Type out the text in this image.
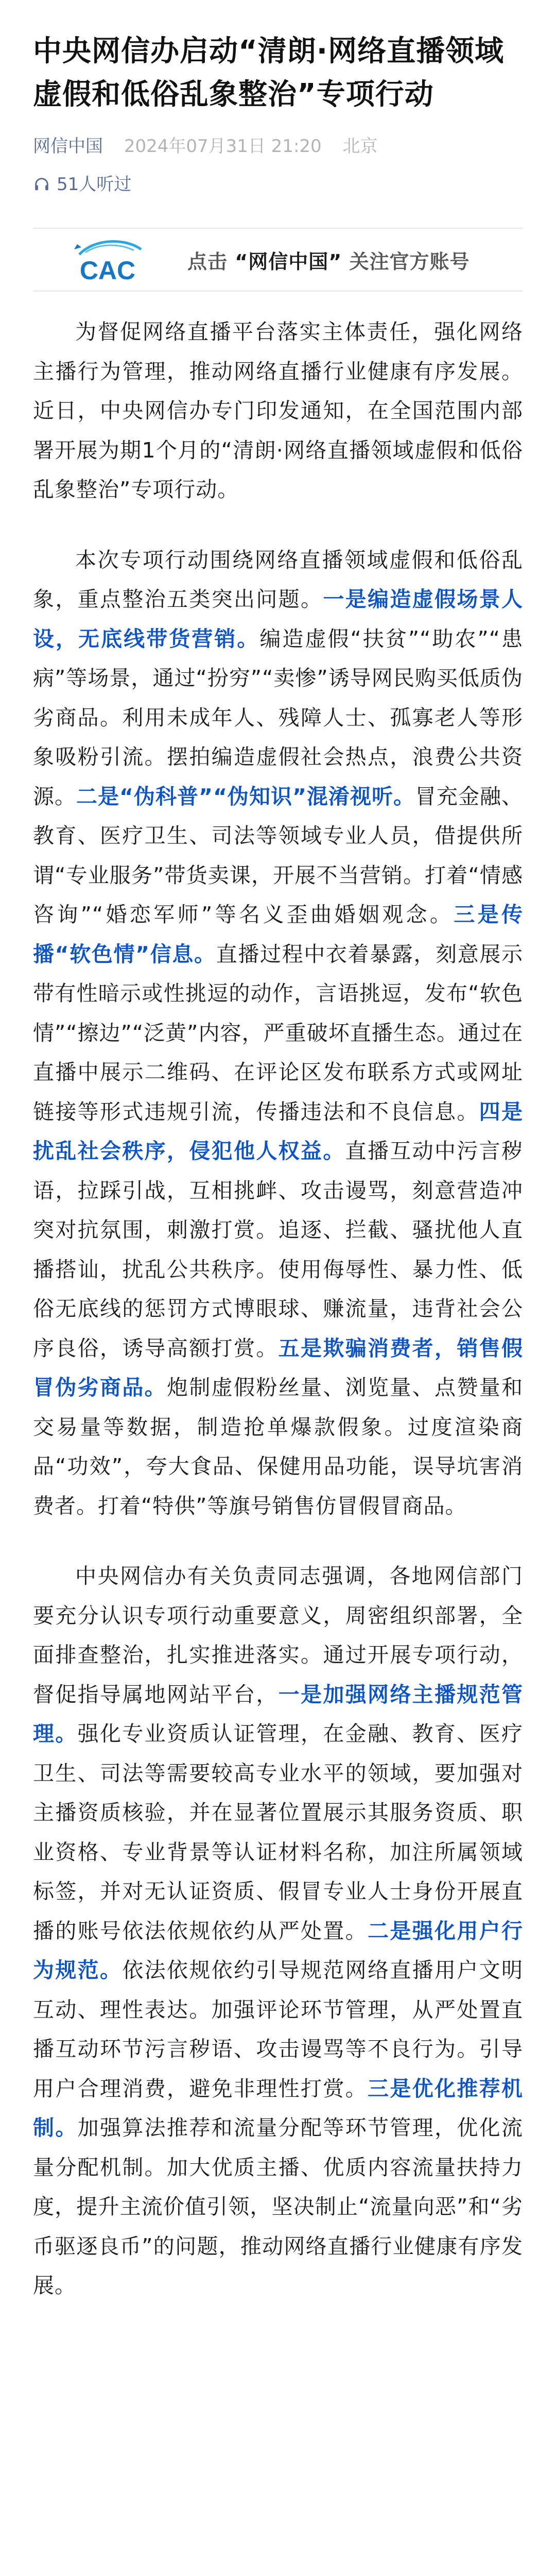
中央网信办启动“清朗·网络直播领域虚假和低俗乱象整治”专项行动
网信中国 2024年07月31日 21:20 北京
51人听过
CAC	点击 “网信中国” 关注官方账号

为督促网络直播平台落实主体责任，强化网络主播行为管理，推动网络直播行业健康有序发展。近日，中央网信办专门印发通知，在全国范围内部署开展为期1个月的“清朗·网络直播领域虚假和低俗乱象整治”专项行动。

本次专项行动围绕网络直播领域虚假和低俗乱象，重点整治五类突出问题。一是编造虚假场景人设，无底线带货营销。编造虚假“扶贫”“助农”“患病”等场景，通过“扮穷”“卖惨”诱导网民购买低质伪劣商品。利用未成年人、残障人士、孤寡老人等形象吸粉引流。摆拍编造虚假社会热点，浪费公共资源。二是“伪科普”“伪知识”混淆视听。冒充金融、教育、医疗卫生、司法等领域专业人员，借提供所谓“专业服务”带货卖课，开展不当营销。打着“情感咨询”“婚恋军师”等名义歪曲婚姻观念。三是传播“软色情”信息。直播过程中衣着暴露，刻意展示带有性暗示或性挑逗的动作，言语挑逗，发布“软色情”“擦边”“泛黄”内容，严重破坏直播生态。通过在直播中展示二维码、在评论区发布联系方式或网址链接等形式违规引流，传播违法和不良信息。四是扰乱社会秩序，侵犯他人权益。直播互动中污言秽语，拉踩引战，互相挑衅、攻击谩骂，刻意营造冲突对抗氛围，刺激打赏。追逐、拦截、骚扰他人直播搭讪，扰乱公共秩序。使用侮辱性、暴力性、低俗无底线的惩罚方式博眼球、赚流量，违背社会公序良俗，诱导高额打赏。五是欺骗消费者，销售假冒伪劣商品。炮制虚假粉丝量、浏览量、点赞量和交易量等数据，制造抢单爆款假象。过度渲染商品“功效”，夸大食品、保健用品功能，误导坑害消费者。打着“特供”等旗号销售仿冒假冒商品。

中央网信办有关负责同志强调，各地网信部门要充分认识专项行动重要意义，周密组织部署，全面排查整治，扎实推进落实。通过开展专项行动，督促指导属地网站平台，一是加强网络主播规范管理。强化专业资质认证管理，在金融、教育、医疗卫生、司法等需要较高专业水平的领域，要加强对主播资质核验，并在显著位置展示其服务资质、职业资格、专业背景等认证材料名称，加注所属领域标签，并对无认证资质、假冒专业人士身份开展直播的账号依法依规依约从严处置。二是强化用户行为规范。依法依规依约引导规范网络直播用户文明互动、理性表达。加强评论环节管理，从严处置直播互动环节污言秽语、攻击谩骂等不良行为。引导用户合理消费，避免非理性打赏。三是优化推荐机制。加强算法推荐和流量分配等环节管理，优化流量分配机制。加大优质主播、优质内容流量扶持力度，提升主流价值引领，坚决制止“流量向恶”和“劣币驱逐良币”的问题，推动网络直播行业健康有序发展。
